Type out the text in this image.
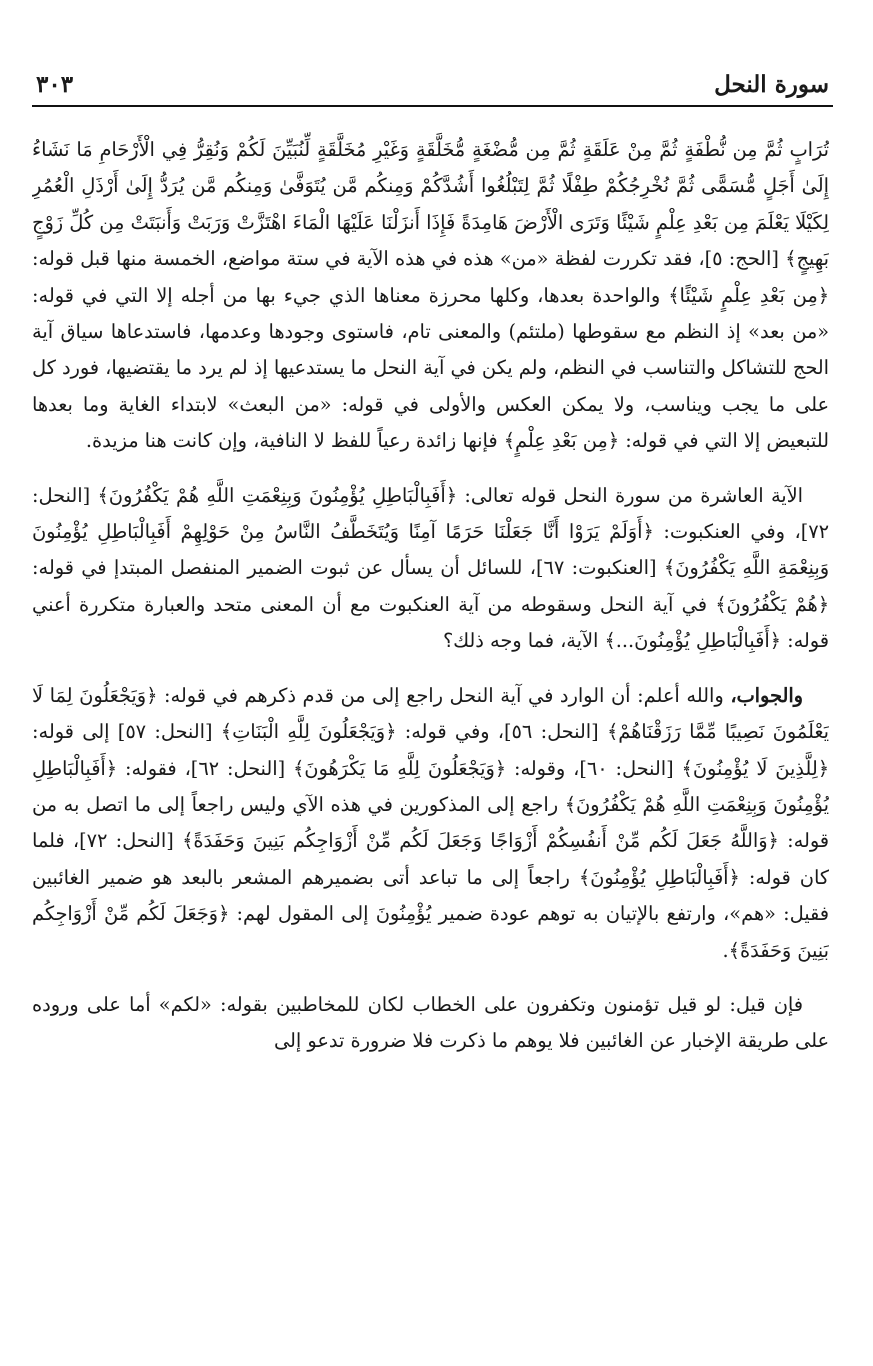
سورة النحل
٣٠٣

تُرَابٍ ثُمَّ مِن نُّطْفَةٍ ثُمَّ مِنْ عَلَقَةٍ ثُمَّ مِن مُّضْغَةٍ مُّخَلَّقَةٍ وَغَيْرِ مُخَلَّقَةٍ لِّنُبَيِّنَ لَكُمْ وَنُقِرُّ فِي الْأَرْحَامِ مَا نَشَاءُ إِلَىٰ أَجَلٍ مُّسَمًّى ثُمَّ نُخْرِجُكُمْ طِفْلًا ثُمَّ لِتَبْلُغُوا أَشُدَّكُمْ وَمِنكُم مَّن يُتَوَفَّىٰ وَمِنكُم مَّن يُرَدُّ إِلَىٰ أَرْذَلِ الْعُمُرِ لِكَيْلَا يَعْلَمَ مِن بَعْدِ عِلْمٍ شَيْئًا وَتَرَى الْأَرْضَ هَامِدَةً فَإِذَا أَنزَلْنَا عَلَيْهَا الْمَاءَ اهْتَزَّتْ وَرَبَتْ وَأَنبَتَتْ مِن كُلِّ زَوْجٍ بَهِيجٍ﴾ [الحج: ٥]، فقد تكررت لفظة «من» هذه في هذه الآية في ستة مواضع، الخمسة منها قبل قوله: ﴿مِن بَعْدِ عِلْمٍ شَيْئًا﴾ والواحدة بعدها، وكلها محرزة معناها الذي جيء بها من أجله إلا التي في قوله: «من بعد» إذ النظم مع سقوطها (ملتئم) والمعنى تام، فاستوى وجودها وعدمها، فاستدعاها سياق آية الحج للتشاكل والتناسب في النظم، ولم يكن في آية النحل ما يستدعيها إذ لم يرد ما يقتضيها، فورد كل على ما يجب ويناسب، ولا يمكن العكس والأولى في قوله: «من البعث» لابتداء الغاية وما بعدها للتبعيض إلا التي في قوله: ﴿مِن بَعْدِ عِلْمٍ﴾ فإنها زائدة رعياً للفظ لا النافية، وإن كانت هنا مزيدة.

الآية العاشرة من سورة النحل قوله تعالى: ﴿أَفَبِالْبَاطِلِ يُؤْمِنُونَ وَبِنِعْمَتِ اللَّهِ هُمْ يَكْفُرُونَ﴾ [النحل: ٧٢]، وفي العنكبوت: ﴿أَوَلَمْ يَرَوْا أَنَّا جَعَلْنَا حَرَمًا آمِنًا وَيُتَخَطَّفُ النَّاسُ مِنْ حَوْلِهِمْ أَفَبِالْبَاطِلِ يُؤْمِنُونَ وَبِنِعْمَةِ اللَّهِ يَكْفُرُونَ﴾ [العنكبوت: ٦٧]، للسائل أن يسأل عن ثبوت الضمير المنفصل المبتدإ في قوله: ﴿هُمْ يَكْفُرُونَ﴾ في آية النحل وسقوطه من آية العنكبوت مع أن المعنى متحد والعبارة متكررة أعني قوله: ﴿أَفَبِالْبَاطِلِ يُؤْمِنُونَ...﴾ الآية، فما وجه ذلك؟

والجواب، والله أعلم: أن الوارد في آية النحل راجع إلى من قدم ذكرهم في قوله: ﴿وَيَجْعَلُونَ لِمَا لَا يَعْلَمُونَ نَصِيبًا مِّمَّا رَزَقْنَاهُمْ﴾ [النحل: ٥٦]، وفي قوله: ﴿وَيَجْعَلُونَ لِلَّهِ الْبَنَاتِ﴾ [النحل: ٥٧] إلى قوله: ﴿لِلَّذِينَ لَا يُؤْمِنُونَ﴾ [النحل: ٦٠]، وقوله: ﴿وَيَجْعَلُونَ لِلَّهِ مَا يَكْرَهُونَ﴾ [النحل: ٦٢]، فقوله: ﴿أَفَبِالْبَاطِلِ يُؤْمِنُونَ وَبِنِعْمَتِ اللَّهِ هُمْ يَكْفُرُونَ﴾ راجع إلى المذكورين في هذه الآي وليس راجعاً إلى ما اتصل به من قوله: ﴿وَاللَّهُ جَعَلَ لَكُم مِّنْ أَنفُسِكُمْ أَزْوَاجًا وَجَعَلَ لَكُم مِّنْ أَزْوَاجِكُم بَنِينَ وَحَفَدَةً﴾ [النحل: ٧٢]، فلما كان قوله: ﴿أَفَبِالْبَاطِلِ يُؤْمِنُونَ﴾ راجعاً إلى ما تباعد أتى بضميرهم المشعر بالبعد هو ضمير الغائبين فقيل: «هم»، وارتفع بالإتيان به توهم عودة ضمير يُؤْمِنُونَ إلى المقول لهم: ﴿وَجَعَلَ لَكُم مِّنْ أَزْوَاجِكُم بَنِينَ وَحَفَدَةً﴾.

فإن قيل: لو قيل تؤمنون وتكفرون على الخطاب لكان للمخاطبين بقوله: «لكم» أما على وروده على طريقة الإخبار عن الغائبين فلا يوهم ما ذكرت فلا ضرورة تدعو إلى
